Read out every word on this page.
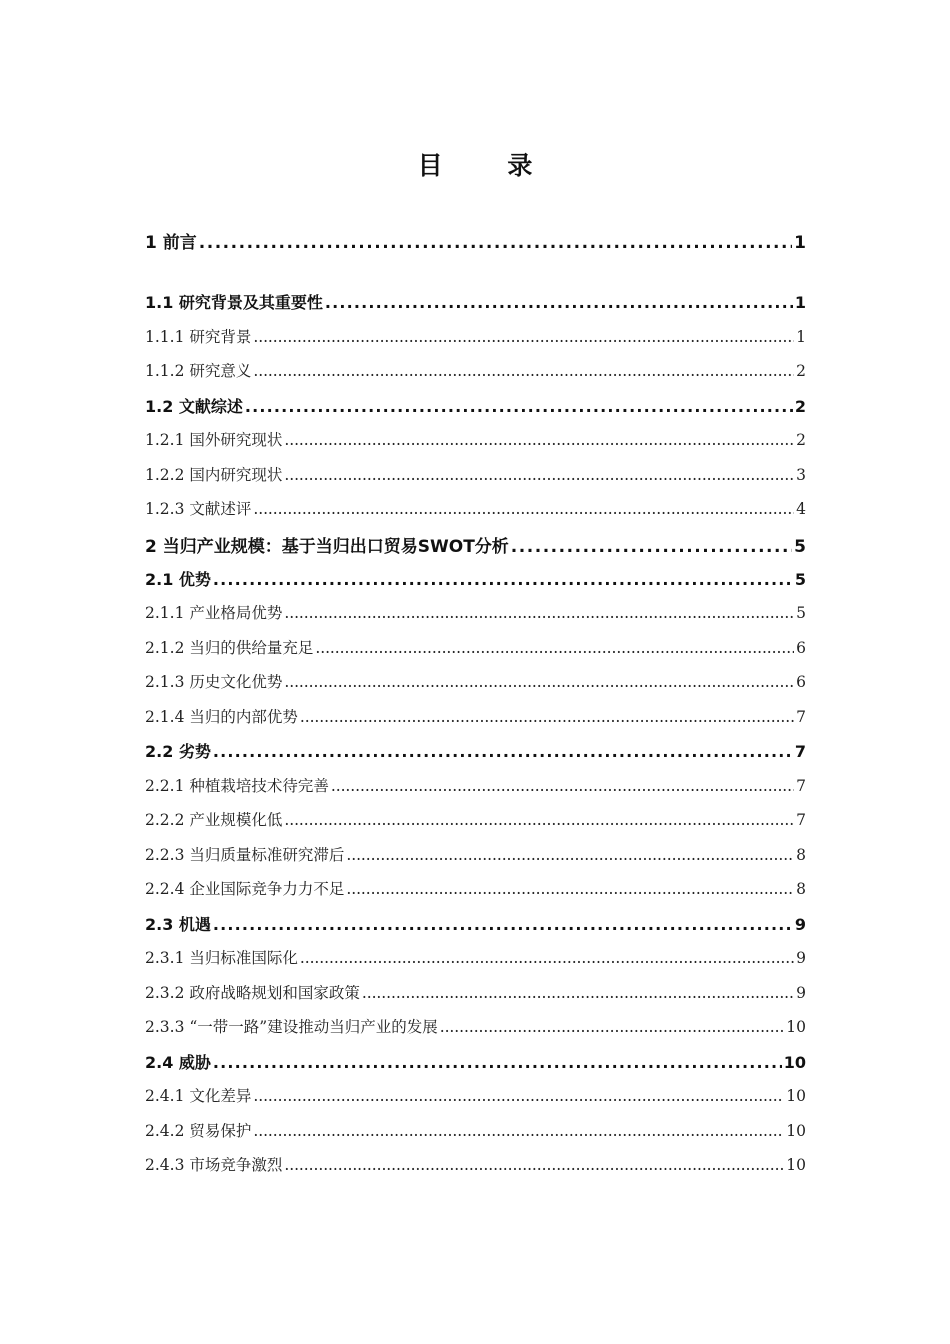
目 录
1 前言 . . .	1
1.1 研究背景及其重要性 . . .	1
1.1.1 研究背景 . . .	1
1.1.2 研究意义 . . .	2
1.2 文献综述 . . .	2
1.2.1 国外研究现状 . . .	2
1.2.2 国内研究现状 . . .	3
1.2.3 文献述评 . . .	4
2 当归产业规模：基于当归出口贸易SWOT分析 . . .	5
2.1 优势 . . .	5
2.1.1 产业格局优势 . . .	5
2.1.2 当归的供给量充足 . . .	6
2.1.3 历史文化优势 . . .	6
2.1.4 当归的内部优势 . . .	7
2.2 劣势 . . .	7
2.2.1 种植栽培技术待完善 . . .	7
2.2.2 产业规模化低 . . .	7
2.2.3 当归质量标准研究滞后 . . .	8
2.2.4 企业国际竞争力力不足 . . .	8
2.3 机遇 . . .	9
2.3.1 当归标准国际化 . . .	9
2.3.2 政府战略规划和国家政策 . . .	9
2.3.3 “一带一路”建设推动当归产业的发展 . . .	10
2.4 威胁 . . .	10
2.4.1 文化差异 . . .	10
2.4.2 贸易保护 . . .	10
2.4.3 市场竞争激烈 . . .	10
